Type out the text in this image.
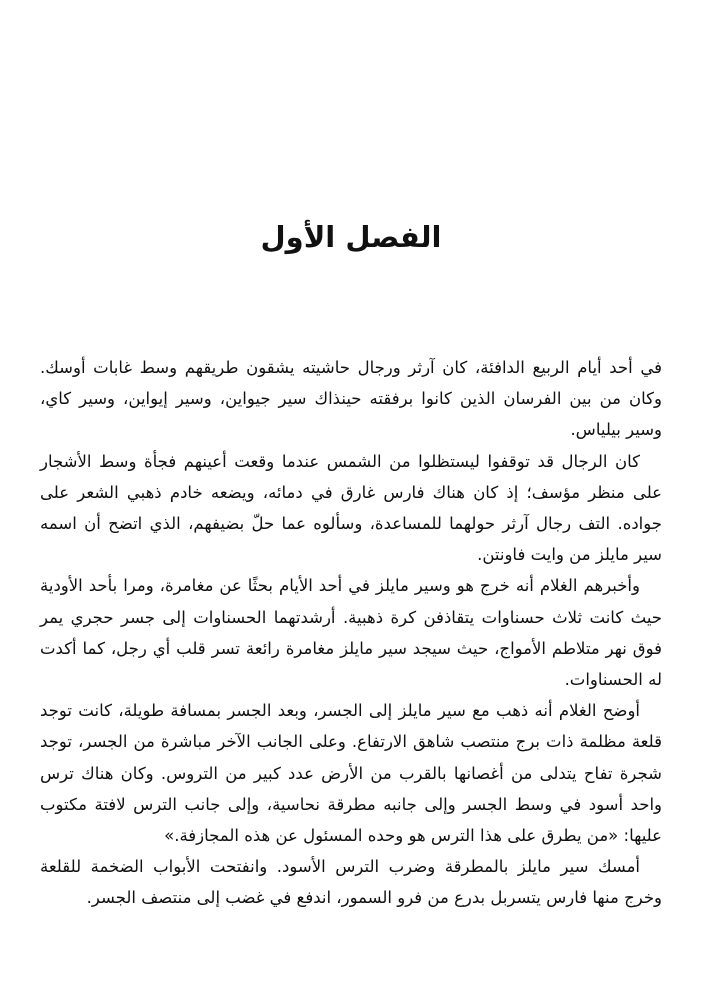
الفصل الأول

في أحد أيام الربيع الدافئة، كان آرثر ورجال حاشيته يشقون طريقهم وسط غابات أوسك. وكان من بين الفرسان الذين كانوا برفقته حينذاك سير جيواين، وسير إيواين، وسير كاي، وسير بيلياس.

كان الرجال قد توقفوا ليستظلوا من الشمس عندما وقعت أعينهم فجأة وسط الأشجار على منظر مؤسف؛ إذ كان هناك فارس غارق في دمائه، ويضعه خادم ذهبي الشعر على جواده. التف رجال آرثر حولهما للمساعدة، وسألوه عما حلّ بضيفهم، الذي اتضح أن اسمه سير مايلز من وايت فاونتن.

وأخبرهم الغلام أنه خرج هو وسير مايلز في أحد الأيام بحثًا عن مغامرة، ومرا بأحد الأودية حيث كانت ثلاث حسناوات يتقاذفن كرة ذهبية. أرشدتهما الحسناوات إلى جسر حجري يمر فوق نهر متلاطم الأمواج، حيث سيجد سير مايلز مغامرة رائعة تسر قلب أي رجل، كما أكدت له الحسناوات.

أوضح الغلام أنه ذهب مع سير مايلز إلى الجسر، وبعد الجسر بمسافة طويلة، كانت توجد قلعة مظلمة ذات برج منتصب شاهق الارتفاع. وعلى الجانب الآخر مباشرة من الجسر، توجد شجرة تفاح يتدلى من أغصانها بالقرب من الأرض عدد كبير من التروس. وكان هناك ترس واحد أسود في وسط الجسر وإلى جانبه مطرقة نحاسية، وإلى جانب الترس لافتة مكتوب عليها: «من يطرق على هذا الترس هو وحده المسئول عن هذه المجازفة.»

أمسك سير مايلز بالمطرقة وضرب الترس الأسود. وانفتحت الأبواب الضخمة للقلعة وخرج منها فارس يتسربل بدرع من فرو السمور، اندفع في غضب إلى منتصف الجسر.
